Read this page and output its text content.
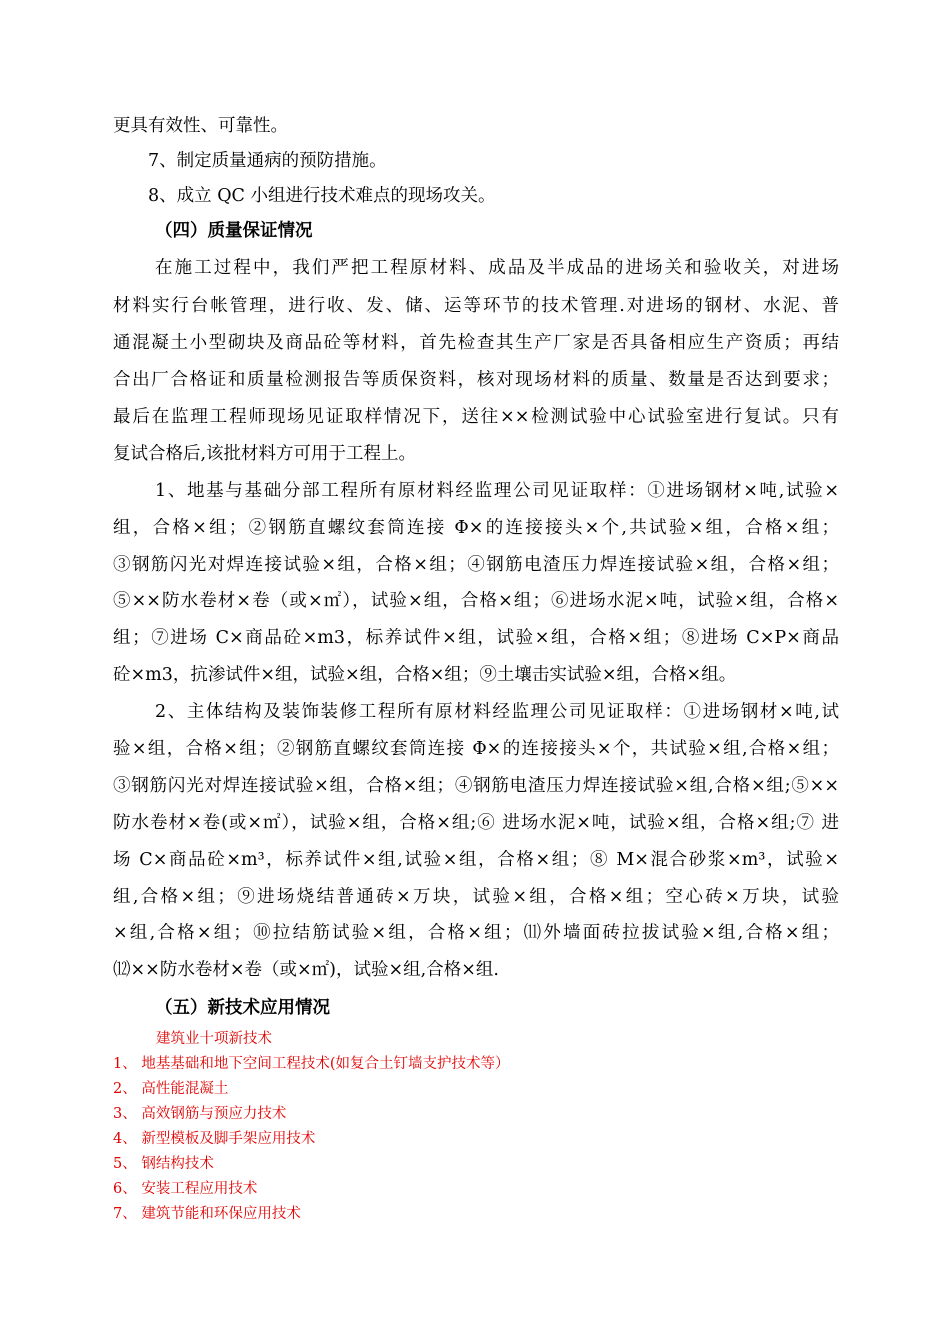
更具有效性、可靠性。
7、制定质量通病的预防措施。
8、成立 QC 小组进行技术难点的现场攻关。
（四）质量保证情况
在施工过程中，我们严把工程原材料、成品及半成品的进场关和验收关，对进场
材料实行台帐管理，进行收、发、储、运等环节的技术管理.对进场的钢材、水泥、普
通混凝土小型砌块及商品砼等材料，首先检查其生产厂家是否具备相应生产资质；再结
合出厂合格证和质量检测报告等质保资料，核对现场材料的质量、数量是否达到要求；
最后在监理工程师现场见证取样情况下，送往××检测试验中心试验室进行复试。只有
复试合格后,该批材料方可用于工程上。
1、地基与基础分部工程所有原材料经监理公司见证取样：①进场钢材×吨,试验×
组，合格×组；②钢筋直螺纹套筒连接 Φ×的连接接头×个,共试验×组，合格×组；
③钢筋闪光对焊连接试验×组，合格×组；④钢筋电渣压力焊连接试验×组，合格×组；
⑤××防水卷材×卷（或×㎡），试验×组，合格×组；⑥进场水泥×吨，试验×组，合格×
组；⑦进场 C×商品砼×m3，标养试件×组，试验×组，合格×组；⑧进场 C×P×商品
砼×m3，抗渗试件×组，试验×组，合格×组；⑨土壤击实试验×组，合格×组。
2、主体结构及装饰装修工程所有原材料经监理公司见证取样：①进场钢材×吨,试
验×组，合格×组；②钢筋直螺纹套筒连接 Φ×的连接接头×个，共试验×组,合格×组；
③钢筋闪光对焊连接试验×组，合格×组；④钢筋电渣压力焊连接试验×组,合格×组;⑤××
防水卷材×卷(或×㎡），试验×组，合格×组;⑥ 进场水泥×吨，试验×组，合格×组;⑦ 进
场 C×商品砼×m³，标养试件×组,试验×组，合格×组；⑧ M×混合砂浆×m³，试验×
组,合格×组；⑨进场烧结普通砖×万块，试验×组，合格×组；空心砖×万块，试验
×组,合格×组；⑩拉结筋试验×组，合格×组；⑾外墙面砖拉拔试验×组,合格×组；
⑿××防水卷材×卷（或×㎡)，试验×组,合格×组.
（五）新技术应用情况
建筑业十项新技术
1、 地基基础和地下空间工程技术(如复合土钉墙支护技术等）
2、 高性能混凝土
3、 高效钢筋与预应力技术
4、 新型模板及脚手架应用技术
5、 钢结构技术
6、 安装工程应用技术
7、 建筑节能和环保应用技术
